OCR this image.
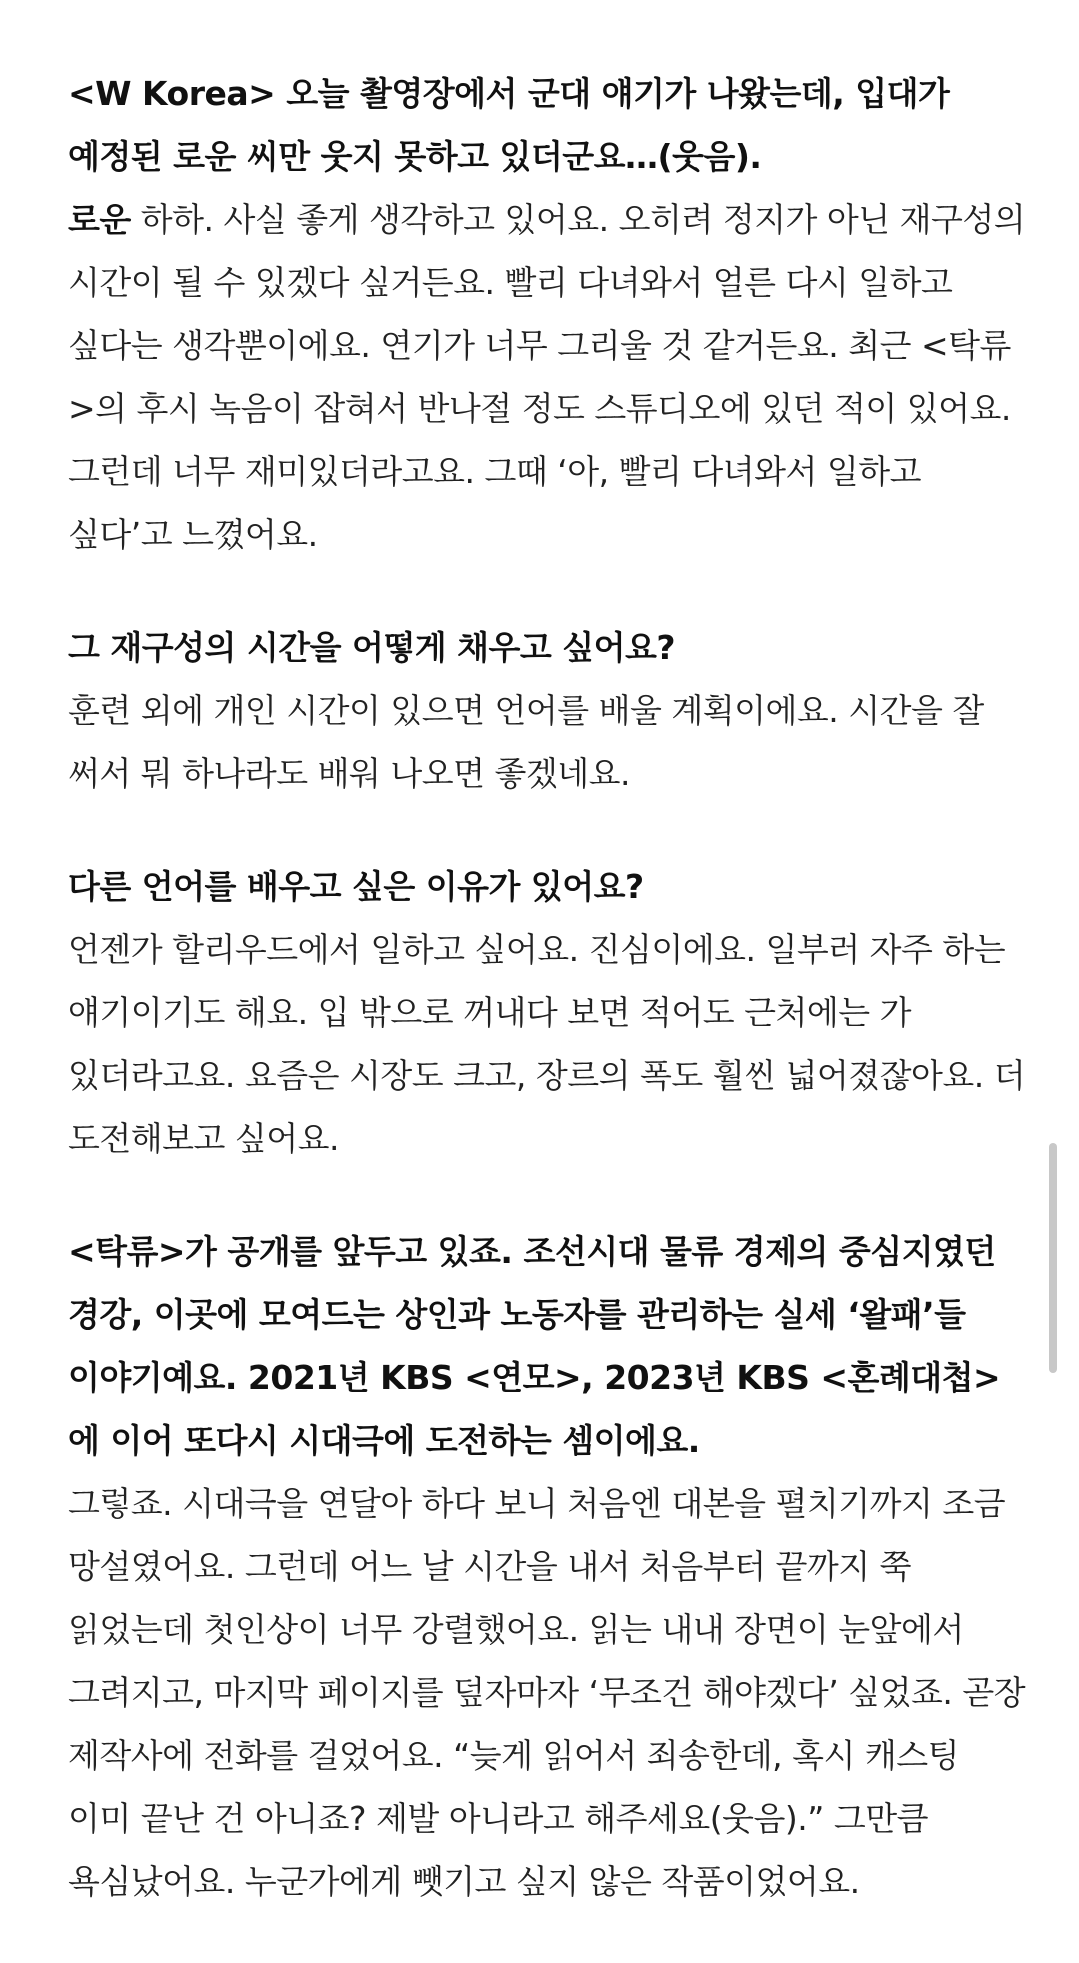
<W Korea> 오늘 촬영장에서 군대 얘기가 나왔는데, 입대가 예정된 로운 씨만 웃지 못하고 있더군요…(웃음).

로운 하하. 사실 좋게 생각하고 있어요. 오히려 정지가 아닌 재구성의 시간이 될 수 있겠다 싶거든요. 빨리 다녀와서 얼른 다시 일하고 싶다는 생각뿐이에요. 연기가 너무 그리울 것 같거든요. 최근 <탁류>의 후시 녹음이 잡혀서 반나절 정도 스튜디오에 있던 적이 있어요. 그런데 너무 재미있더라고요. 그때 ‘아, 빨리 다녀와서 일하고 싶다’고 느꼈어요.

그 재구성의 시간을 어떻게 채우고 싶어요?

훈련 외에 개인 시간이 있으면 언어를 배울 계획이에요. 시간을 잘 써서 뭐 하나라도 배워 나오면 좋겠네요.

다른 언어를 배우고 싶은 이유가 있어요?

언젠가 할리우드에서 일하고 싶어요. 진심이에요. 일부러 자주 하는 얘기이기도 해요. 입 밖으로 꺼내다 보면 적어도 근처에는 가 있더라고요. 요즘은 시장도 크고, 장르의 폭도 훨씬 넓어졌잖아요. 더 도전해보고 싶어요.

<탁류>가 공개를 앞두고 있죠. 조선시대 물류 경제의 중심지였던 경강, 이곳에 모여드는 상인과 노동자를 관리하는 실세 ‘왈패’들 이야기예요. 2021년 KBS <연모>, 2023년 KBS <혼례대첩>에 이어 또다시 시대극에 도전하는 셈이에요.

그렇죠. 시대극을 연달아 하다 보니 처음엔 대본을 펼치기까지 조금 망설였어요. 그런데 어느 날 시간을 내서 처음부터 끝까지 쭉 읽었는데 첫인상이 너무 강렬했어요. 읽는 내내 장면이 눈앞에서 그려지고, 마지막 페이지를 덮자마자 ‘무조건 해야겠다’ 싶었죠. 곧장 제작사에 전화를 걸었어요. “늦게 읽어서 죄송한데, 혹시 캐스팅 이미 끝난 건 아니죠? 제발 아니라고 해주세요(웃음).” 그만큼 욕심났어요. 누군가에게 뺏기고 싶지 않은 작품이었어요.
